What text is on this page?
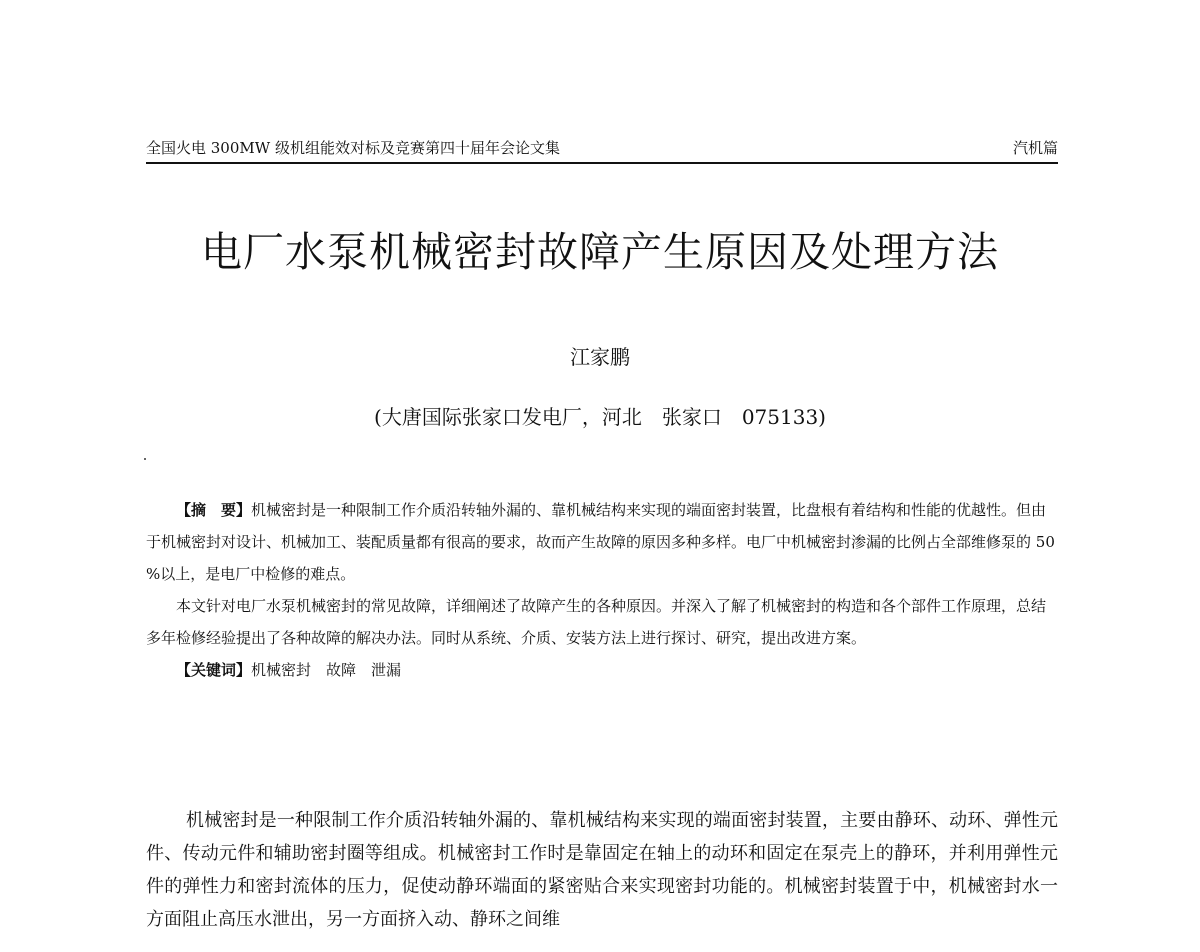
全国火电 300MW 级机组能效对标及竞赛第四十届年会论文集	汽机篇
电厂水泵机械密封故障产生原因及处理方法
江家鹏
(大唐国际张家口发电厂，河北　张家口　075133)

【摘　要】机械密封是一种限制工作介质沿转轴外漏的、靠机械结构来实现的端面密封装置，比盘根有着结构和性能的优越性。但由于机械密封对设计、机械加工、装配质量都有很高的要求，故而产生故障的原因多种多样。电厂中机械密封渗漏的比例占全部维修泵的 50 %以上，是电厂中检修的难点。

本文针对电厂水泵机械密封的常见故障，详细阐述了故障产生的各种原因。并深入了解了机械密封的构造和各个部件工作原理，总结多年检修经验提出了各种故障的解决办法。同时从系统、介质、安装方法上进行探讨、研究，提出改进方案。

【关键词】机械密封　故障　泄漏

机械密封是一种限制工作介质沿转轴外漏的、靠机械结构来实现的端面密封装置，主要由静环、动环、弹性元件、传动元件和辅助密封圈等组成。机械密封工作时是靠固定在轴上的动环和固定在泵壳上的静环，并利用弹性元件的弹性力和密封流体的压力，促使动静环端面的紧密贴合来实现密封功能的。机械密封装置于中，机械密封水一方面阻止高压水泄出，另一方面挤入动、静环之间维
